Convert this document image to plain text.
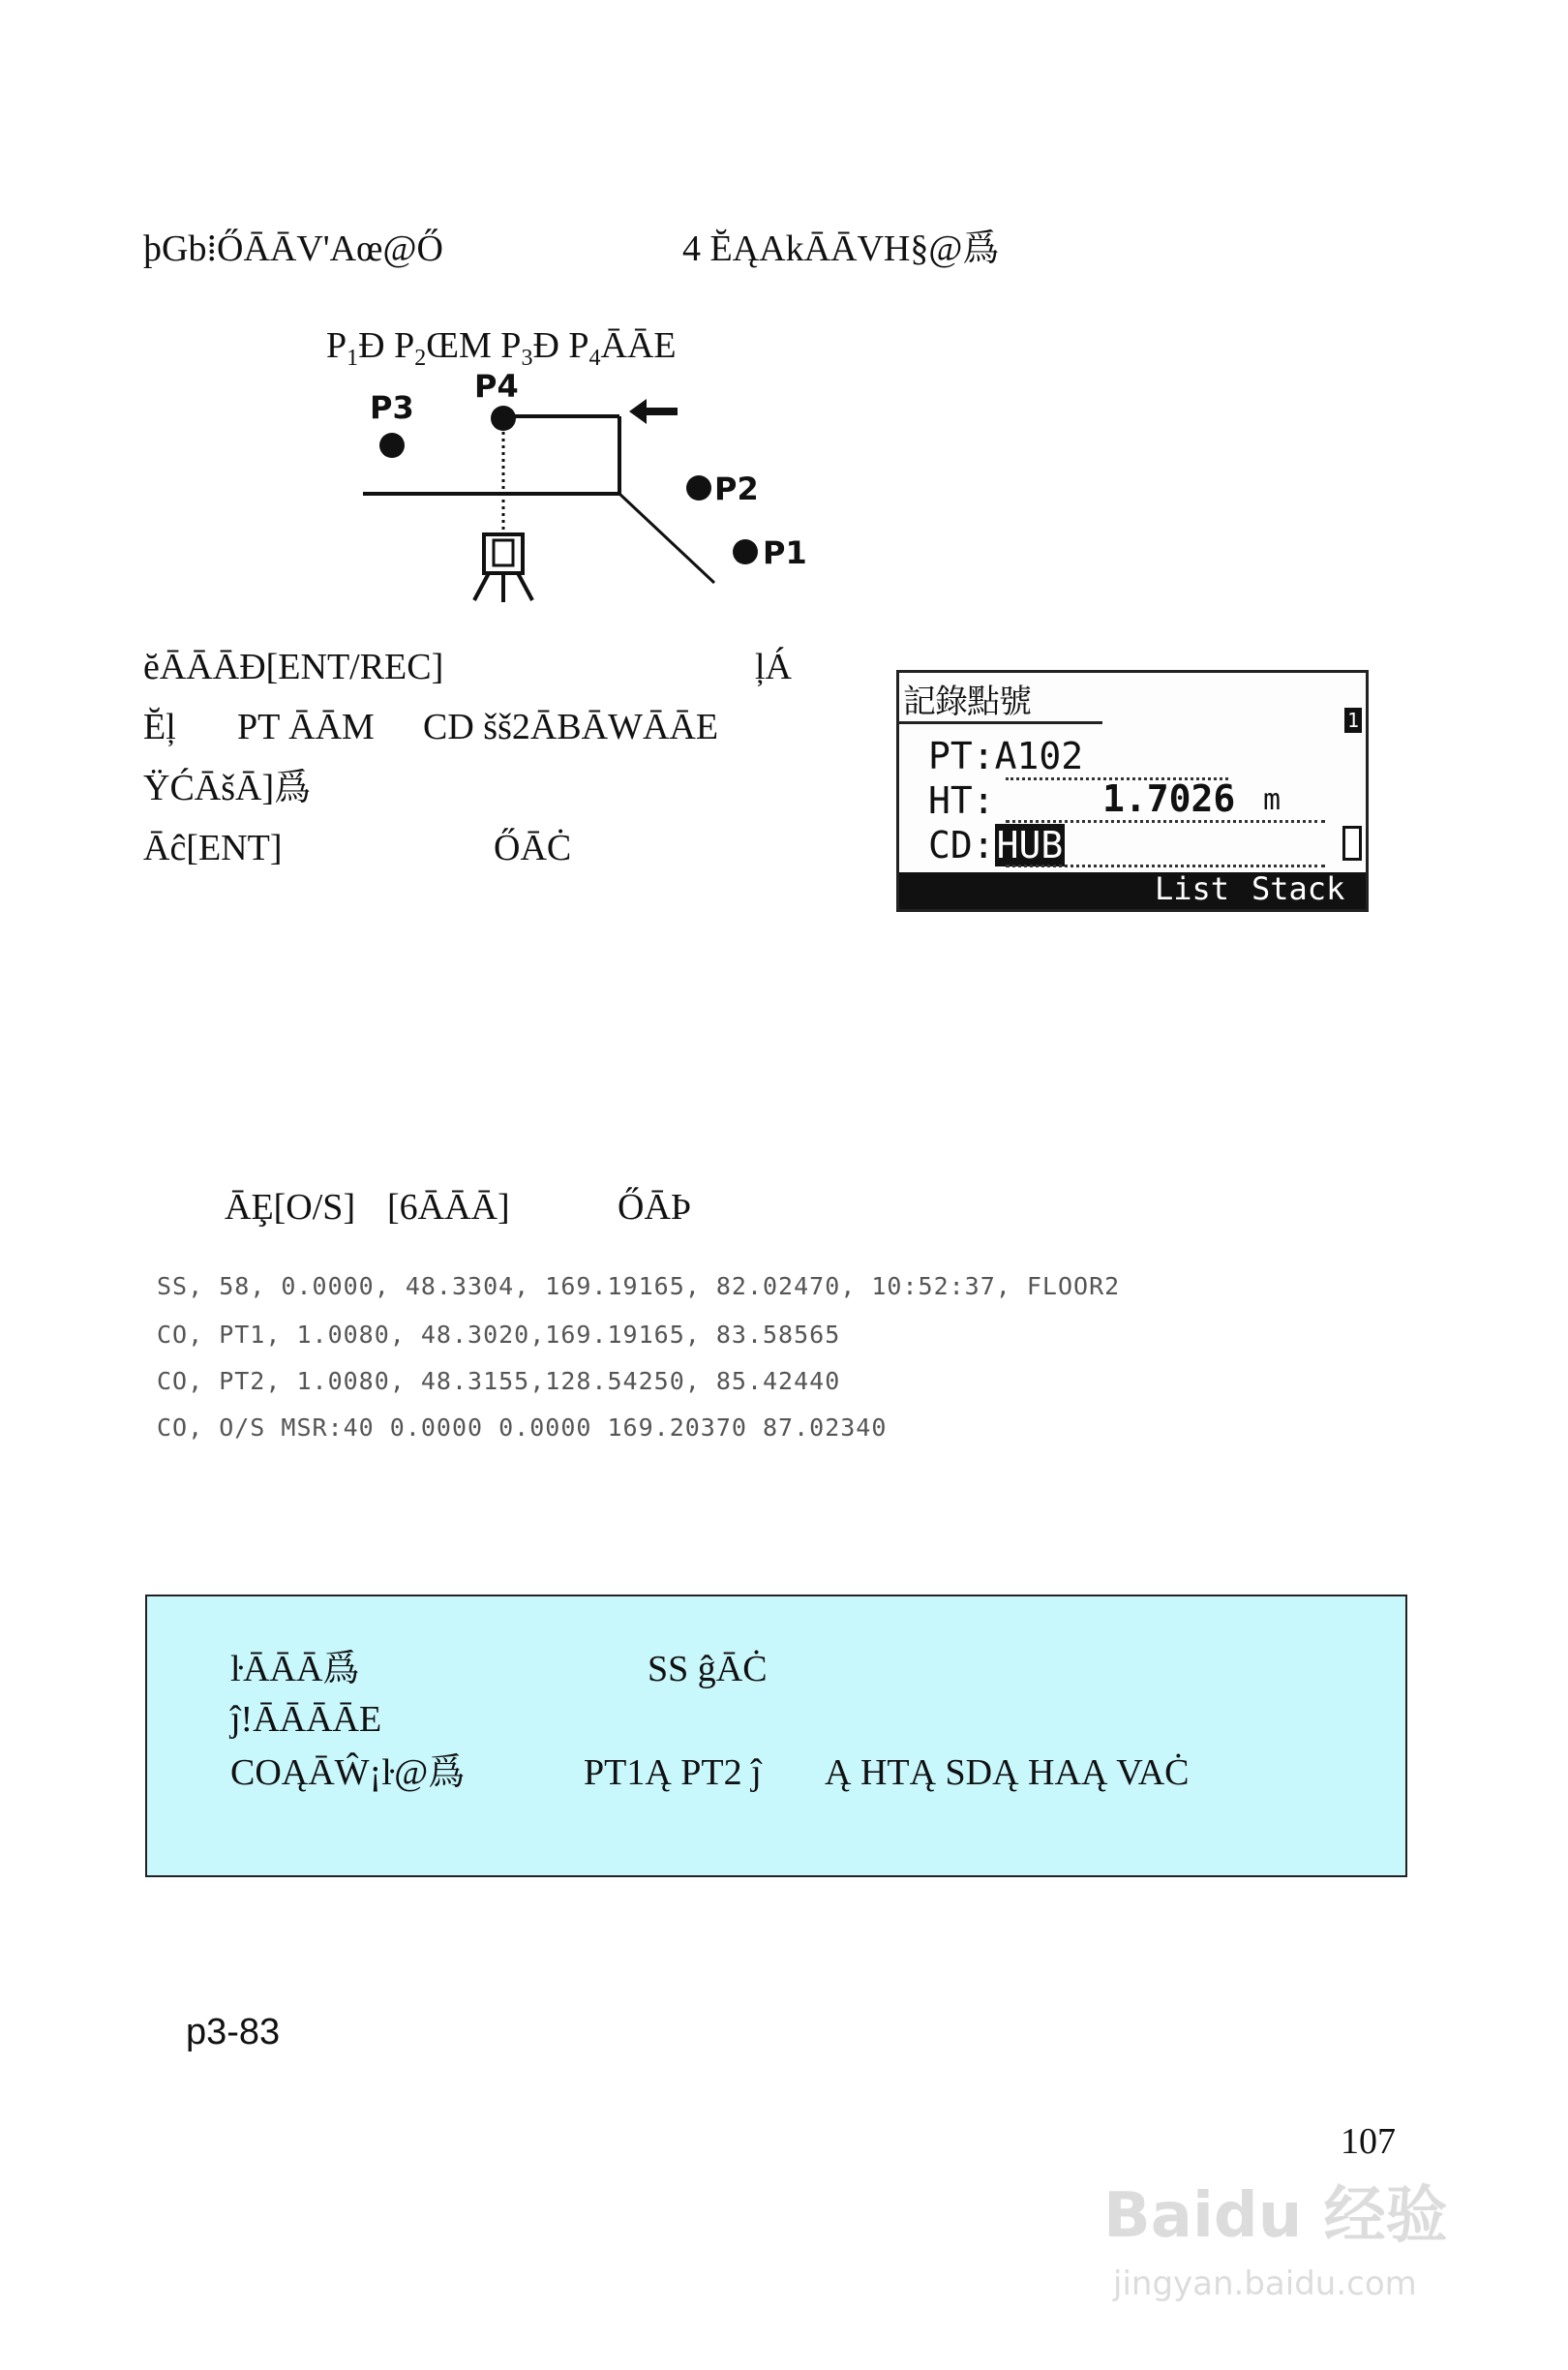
þGb⁞ŐĀĀV'Aœ@Ő	4 ĔĄAkĀĀVH§@爲

$P_1Ð$ $P_2ŒM$ $P_3Ð$ $P_4ĀĀE$

P3
P4
P2
P1
ĕĀĀĀĐ[ENT/REC]	ļÁ
Ĕļ PT ĀĀM CD šš2ĀBĀWĀĀE
ŸĆĀšĀ]爲
Āĉ[ENT]	ŐĀĊ
記錄點號	1
PT:A102
HT:	1.7026 m
CD:HUB
List Stack
ĀȨ[O/S] [6ĀĀĀ]	ŐĀÞ
SS, 58, 0.0000, 48.3304, 169.19165, 82.02470, 10:52:37, FLOOR2
CO, PT1, 1.0080, 48.3020,169.19165, 83.58565
CO, PT2, 1.0080, 48.3155,128.54250, 85.42440
CO, O/S MSR:40 0.0000 0.0000 169.20370 87.02340
ŀĀĀĀ爲	SS ĝĀĊ
ĵ!ĀĀĀĀE
COĄĀŴ¡ŀ@爲	PT1Ą PT2 ĵ Ą HTĄ SDĄ HAĄ VAĊ
p3-83
107
Baidu 经验
jingyan.baidu.com
